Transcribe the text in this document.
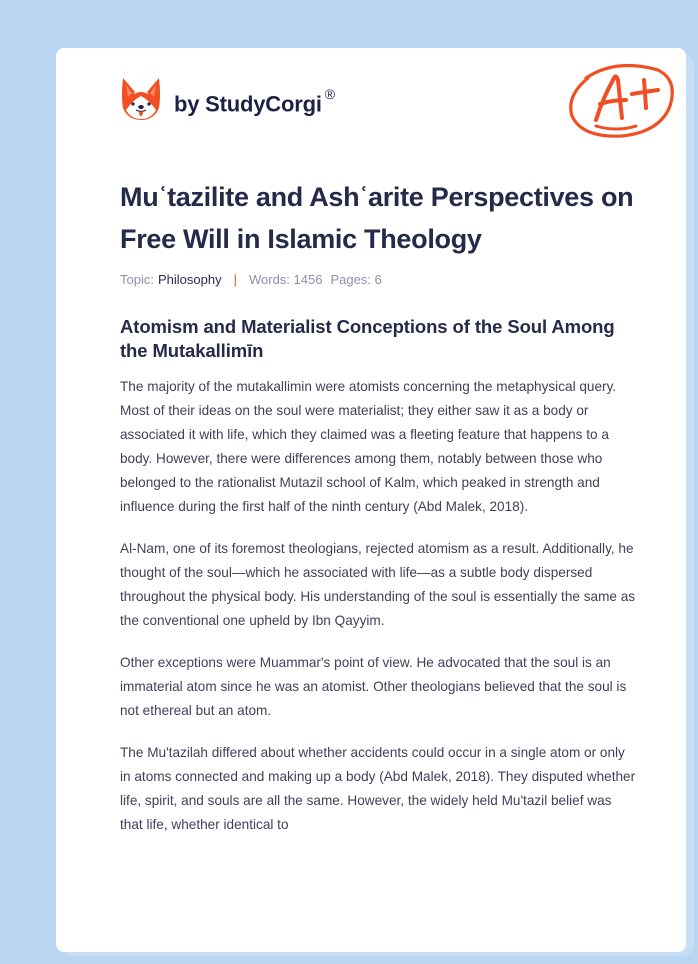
by StudyCorgi ®
Muʿtazilite and Ashʿarite Perspectives on Free Will in Islamic Theology
Topic: Philosophy | Words: 1456 Pages: 6
Atomism and Materialist Conceptions of the Soul Among the Mutakallimīn

The majority of the mutakallimin were atomists concerning the metaphysical query. Most of their ideas on the soul were materialist; they either saw it as a body or associated it with life, which they claimed was a fleeting feature that happens to a body. However, there were differences among them, notably between those who belonged to the rationalist Mutazil school of Kalm, which peaked in strength and influence during the first half of the ninth century (Abd Malek, 2018).

Al-Nam, one of its foremost theologians, rejected atomism as a result. Additionally, he thought of the soul—which he associated with life—as a subtle body dispersed throughout the physical body. His understanding of the soul is essentially the same as the conventional one upheld by Ibn Qayyim.

Other exceptions were Muammar's point of view. He advocated that the soul is an immaterial atom since he was an atomist. Other theologians believed that the soul is not ethereal but an atom.

The Mu'tazilah differed about whether accidents could occur in a single atom or only in atoms connected and making up a body (Abd Malek, 2018). They disputed whether life, spirit, and souls are all the same. However, the widely held Mu'tazil belief was that life, whether identical to
